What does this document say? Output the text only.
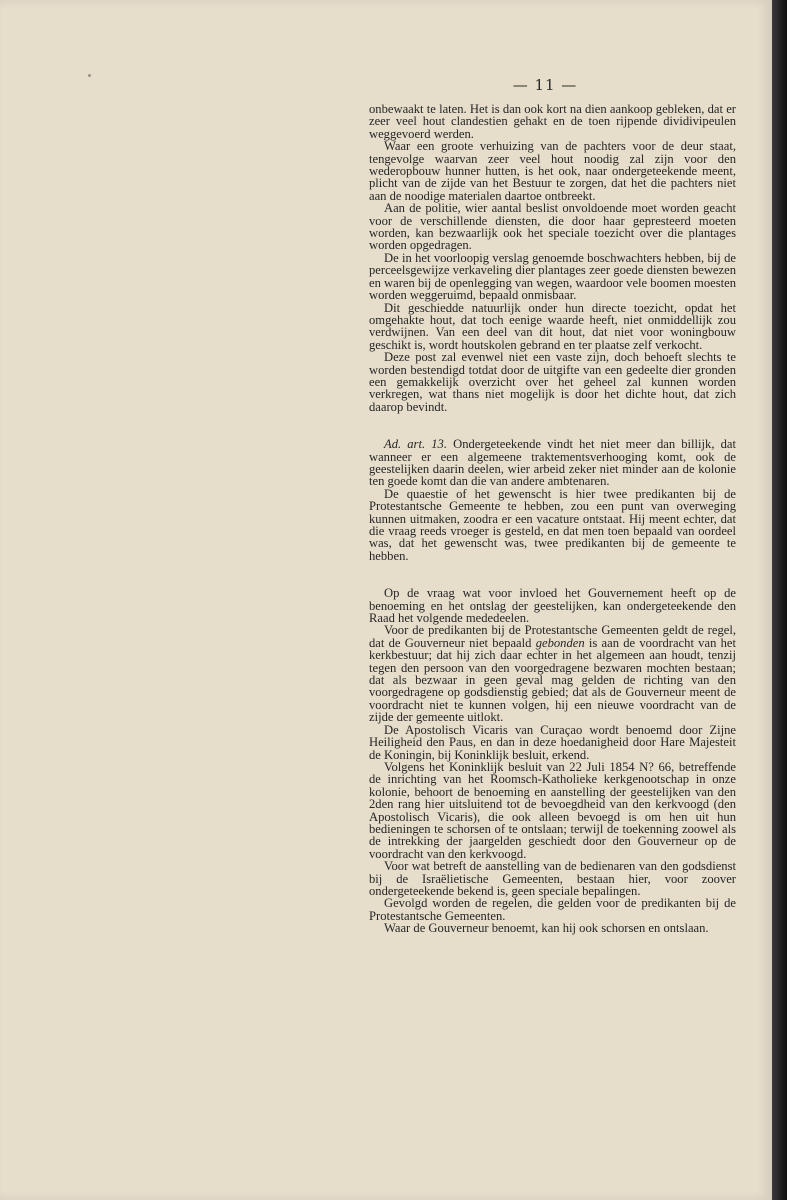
— 11 —

onbewaakt te laten. Het is dan ook kort na dien aankoop gebleken, dat er zeer veel hout clandestien gehakt en de toen rijpende dividivipeulen weggevoerd werden.

Waar een groote verhuizing van de pachters voor de deur staat, tengevolge waarvan zeer veel hout noodig zal zijn voor den wederopbouw hunner hutten, is het ook, naar ondergeteekende meent, plicht van de zijde van het Bestuur te zorgen, dat het die pachters niet aan de noodige materialen daartoe ontbreekt.

Aan de politie, wier aantal beslist onvoldoende moet worden geacht voor de verschillende diensten, die door haar gepresteerd moeten worden, kan bezwaarlijk ook het speciale toezicht over die plantages worden opgedragen.

De in het voorloopig verslag genoemde boschwachters hebben, bij de perceelsgewijze verkaveling dier plantages zeer goede diensten bewezen en waren bij de openlegging van wegen, waardoor vele boomen moesten worden weggeruimd, bepaald onmisbaar.

Dit geschiedde natuurlijk onder hun directe toezicht, opdat het omgehakte hout, dat toch eenige waarde heeft, niet onmiddellijk zou verdwijnen. Van een deel van dit hout, dat niet voor woningbouw geschikt is, wordt houtskolen gebrand en ter plaatse zelf verkocht.

Deze post zal evenwel niet een vaste zijn, doch behoeft slechts te worden bestendigd totdat door de uitgifte van een gedeelte dier gronden een gemakkelijk overzicht over het geheel zal kunnen worden verkregen, wat thans niet mogelijk is door het dichte hout, dat zich daarop bevindt.

Ad. art. 13. Ondergeteekende vindt het niet meer dan billijk, dat wanneer er een algemeene traktementsverhooging komt, ook de geestelijken daarin deelen, wier arbeid zeker niet minder aan de kolonie ten goede komt dan die van andere ambtenaren.

De quaestie of het gewenscht is hier twee predikanten bij de Protestantsche Gemeente te hebben, zou een punt van overweging kunnen uitmaken, zoodra er een vacature ontstaat. Hij meent echter, dat die vraag reeds vroeger is gesteld, en dat men toen bepaald van oordeel was, dat het gewenscht was, twee predikanten bij de gemeente te hebben.

Op de vraag wat voor invloed het Gouvernement heeft op de benoeming en het ontslag der geestelijken, kan ondergeteekende den Raad het volgende mededeelen.

Voor de predikanten bij de Protestantsche Gemeenten geldt de regel, dat de Gouverneur niet bepaald gebonden is aan de voordracht van het kerkbestuur; dat hij zich daar echter in het algemeen aan houdt, tenzij tegen den persoon van den voorgedragene bezwaren mochten bestaan; dat als bezwaar in geen geval mag gelden de richting van den voorgedragene op godsdienstig gebied; dat als de Gouverneur meent de voordracht niet te kunnen volgen, hij een nieuwe voordracht van de zijde der gemeente uitlokt.

De Apostolisch Vicaris van Curaçao wordt benoemd door Zijne Heiligheid den Paus, en dan in deze hoedanigheid door Hare Majesteit de Koningin, bij Koninklijk besluit, erkend.

Volgens het Koninklijk besluit van 22 Juli 1854 N? 66, betreffende de inrichting van het Roomsch-Katholieke kerkgenootschap in onze kolonie, behoort de benoeming en aanstelling der geestelijken van den 2den rang hier uitsluitend tot de bevoegdheid van den kerkvoogd (den Apostolisch Vicaris), die ook alleen bevoegd is om hen uit hun bedieningen te schorsen of te ontslaan; terwijl de toekenning zoowel als de intrekking der jaargelden geschiedt door den Gouverneur op de voordracht van den kerkvoogd.

Voor wat betreft de aanstelling van de bedienaren van den godsdienst bij de Israëlietische Gemeenten, bestaan hier, voor zoover ondergeteekende bekend is, geen speciale bepalingen.

Gevolgd worden de regelen, die gelden voor de predikanten bij de Protestantsche Gemeenten.

Waar de Gouverneur benoemt, kan hij ook schorsen en ontslaan.
